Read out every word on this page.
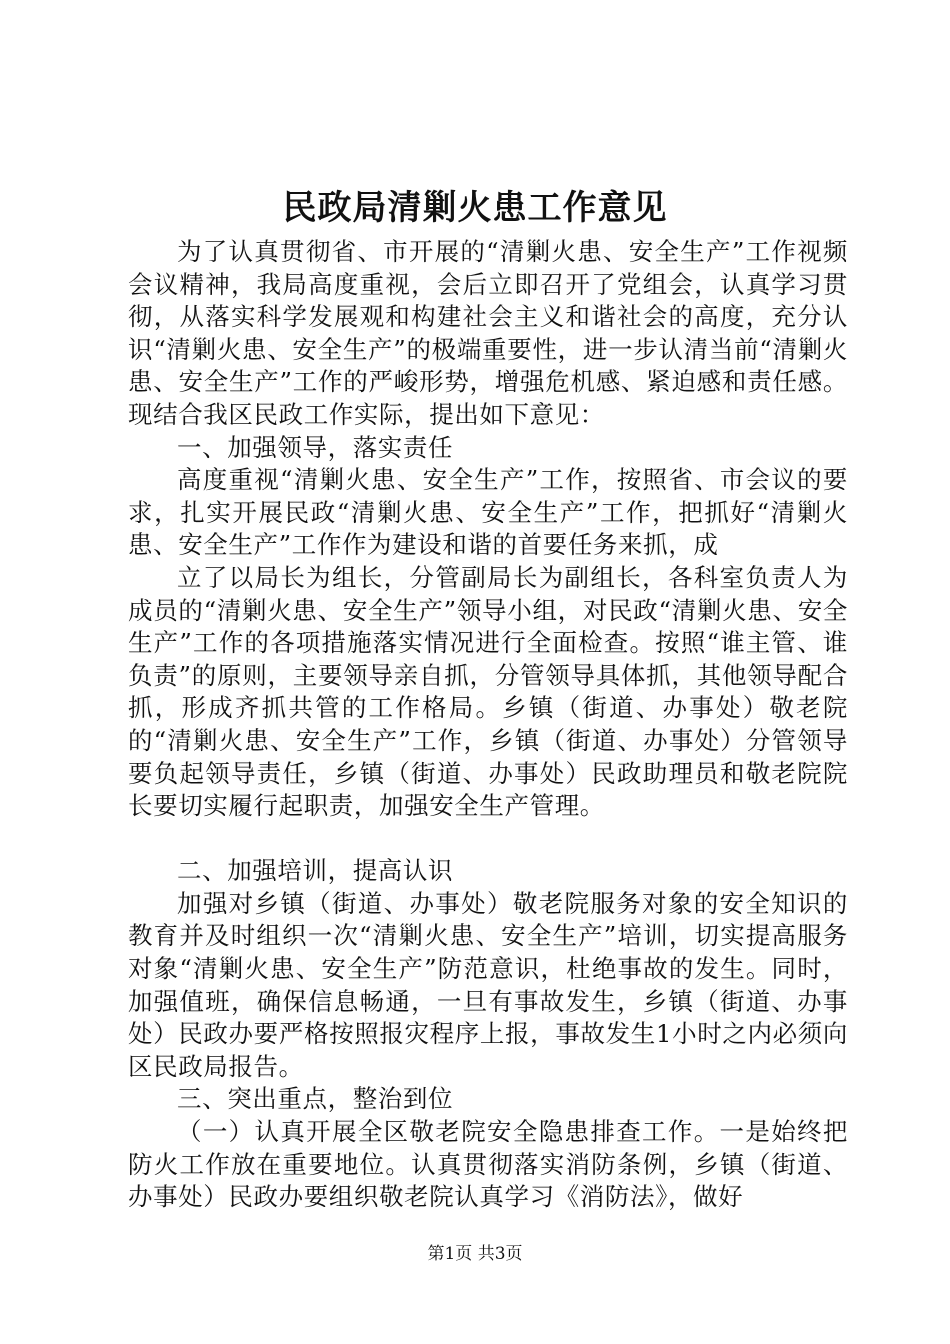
民政局清剿火患工作意见

为了认真贯彻省、市开展的“清剿火患、安全生产”工作视频会议精神，我局高度重视，会后立即召开了党组会，认真学习贯彻，从落实科学发展观和构建社会主义和谐社会的高度，充分认识“清剿火患、安全生产”的极端重要性，进一步认清当前“清剿火患、安全生产”工作的严峻形势，增强危机感、紧迫感和责任感。现结合我区民政工作实际，提出如下意见：

一、加强领导，落实责任

高度重视“清剿火患、安全生产”工作，按照省、市会议的要求，扎实开展民政“清剿火患、安全生产”工作，把抓好“清剿火患、安全生产”工作作为建设和谐的首要任务来抓，成

立了以局长为组长，分管副局长为副组长，各科室负责人为成员的“清剿火患、安全生产”领导小组，对民政“清剿火患、安全生产”工作的各项措施落实情况进行全面检查。按照“谁主管、谁负责”的原则，主要领导亲自抓，分管领导具体抓，其他领导配合抓，形成齐抓共管的工作格局。乡镇（街道、办事处）敬老院的“清剿火患、安全生产”工作，乡镇（街道、办事处）分管领导要负起领导责任，乡镇（街道、办事处）民政助理员和敬老院院长要切实履行起职责，加强安全生产管理。

二、加强培训，提高认识

加强对乡镇（街道、办事处）敬老院服务对象的安全知识的教育并及时组织一次“清剿火患、安全生产”培训，切实提高服务对象“清剿火患、安全生产”防范意识，杜绝事故的发生。同时，加强值班，确保信息畅通，一旦有事故发生，乡镇（街道、办事处）民政办要严格按照报灾程序上报，事故发生1小时之内必须向区民政局报告。

三、突出重点，整治到位

（一）认真开展全区敬老院安全隐患排查工作。一是始终把防火工作放在重要地位。认真贯彻落实消防条例，乡镇（街道、办事处）民政办要组织敬老院认真学习《消防法》，做好

第1页 共3页
